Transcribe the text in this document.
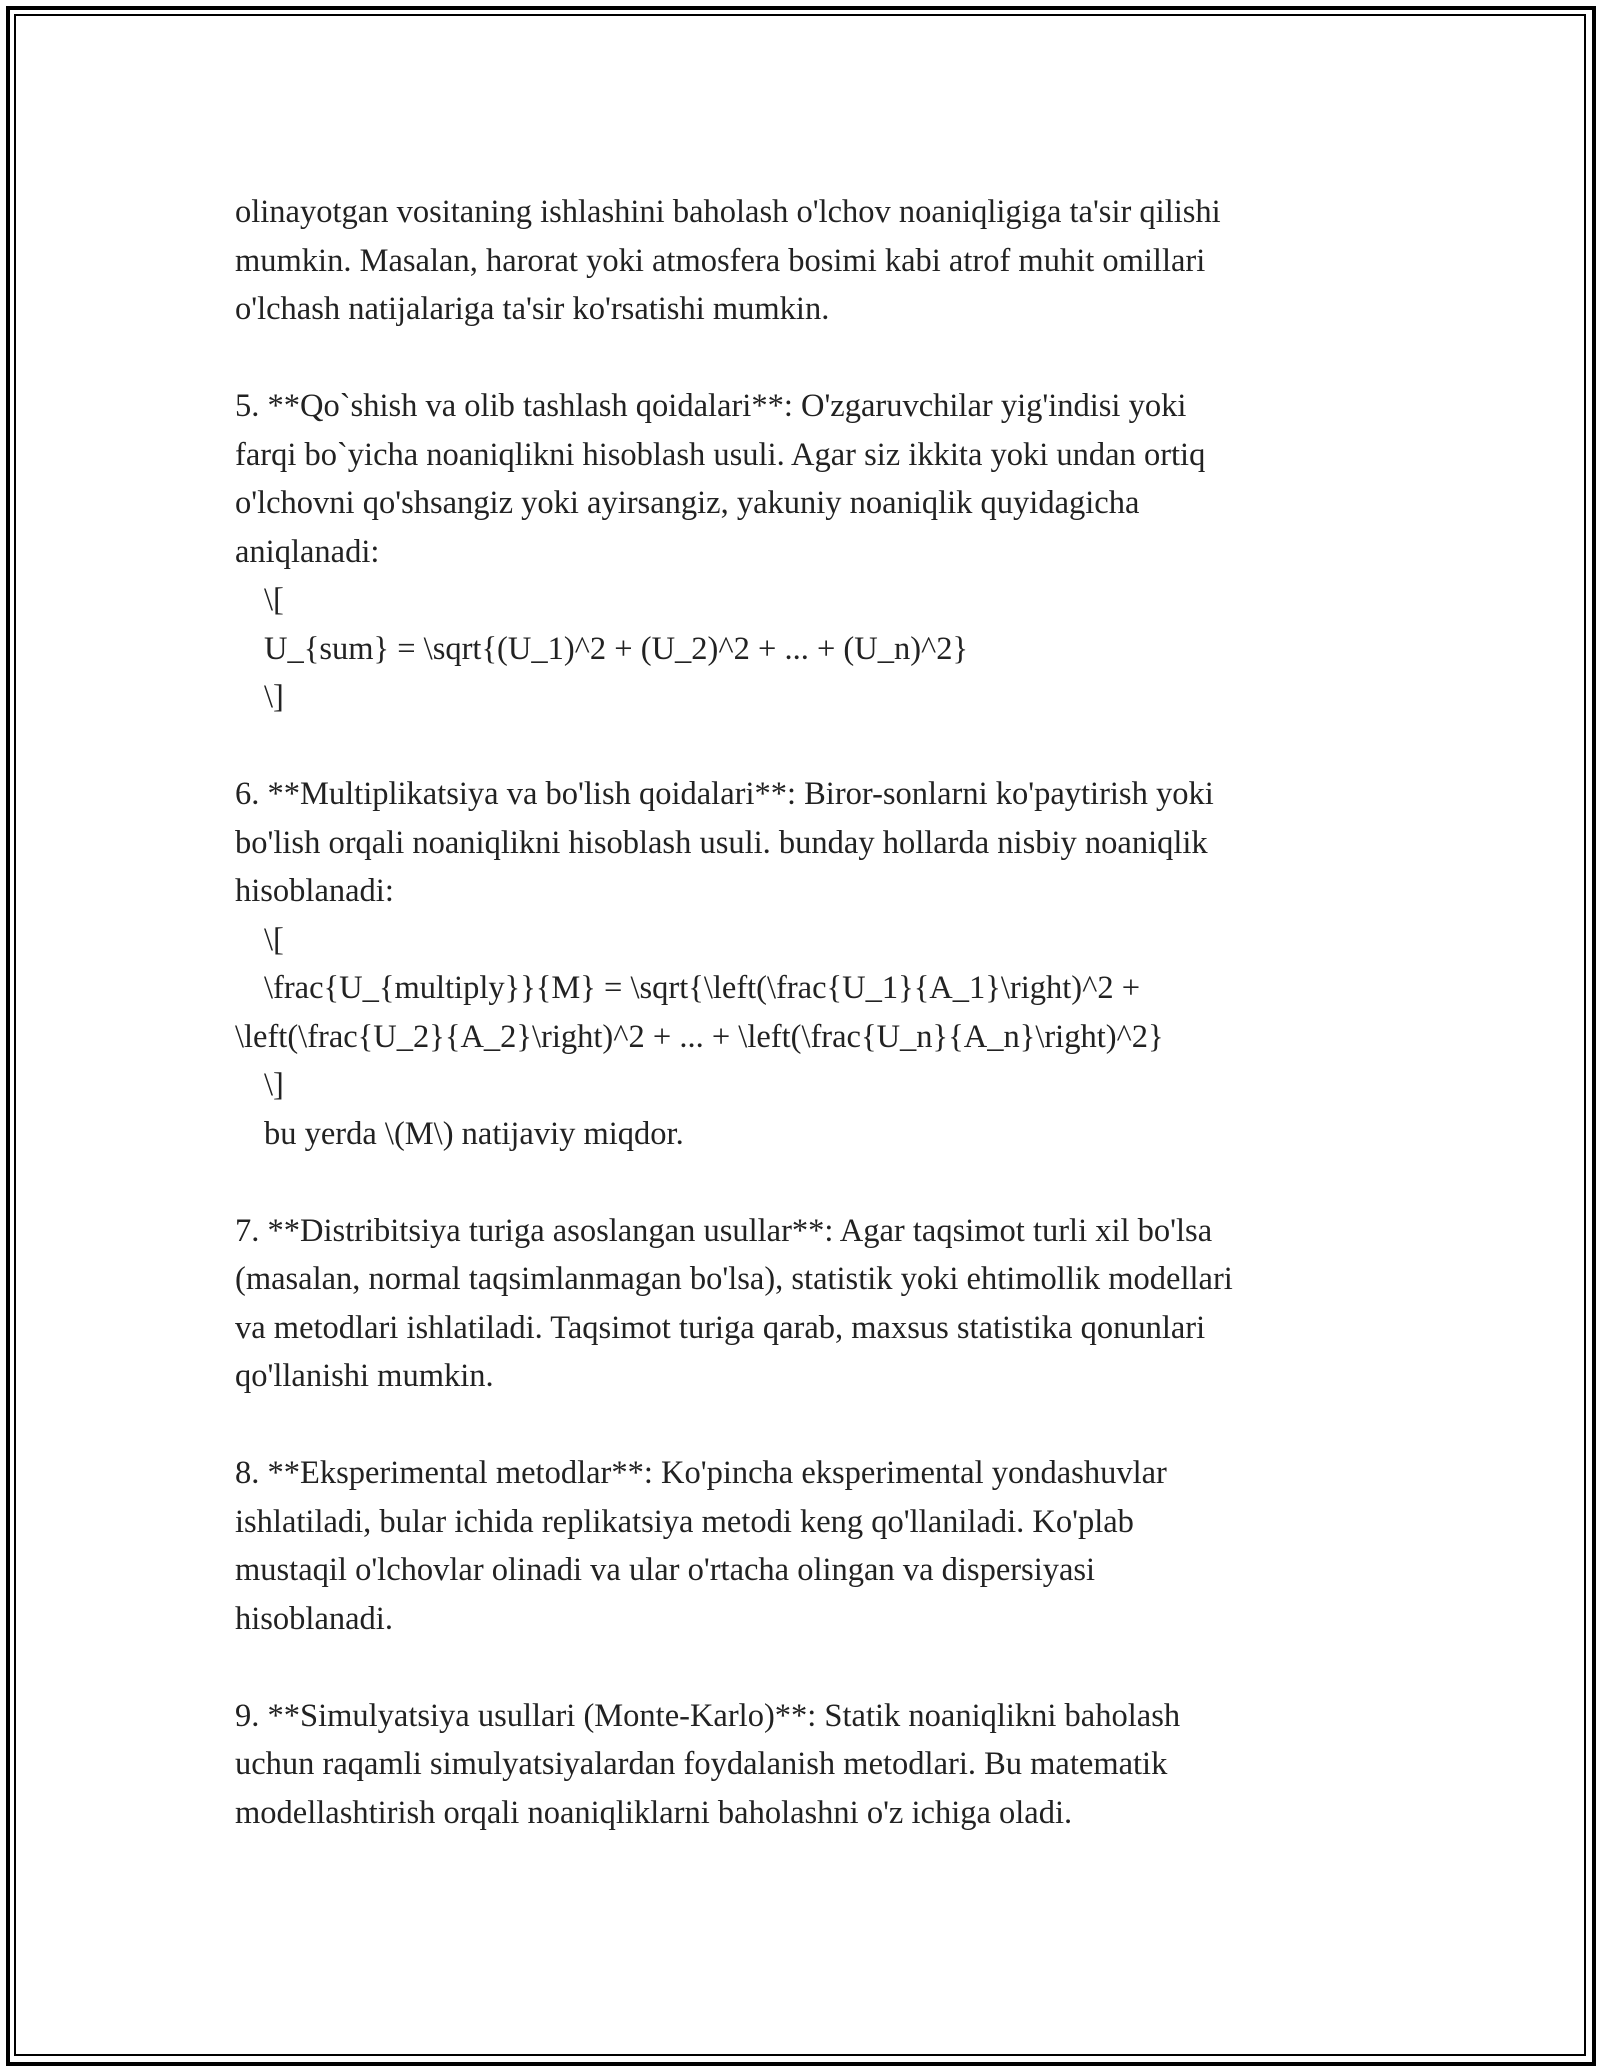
olinayotgan vositaning ishlashini baholash o'lchov noaniqligiga ta'sir qilishi

mumkin. Masalan, harorat yoki atmosfera bosimi kabi atrof muhit omillari

o'lchash natijalariga ta'sir ko'rsatishi mumkin.

5. **Qo`shish va olib tashlash qoidalari**: O'zgaruvchilar yig'indisi yoki

farqi bo`yicha noaniqlikni hisoblash usuli. Agar siz ikkita yoki undan ortiq

o'lchovni qo'shsangiz yoki ayirsangiz, yakuniy noaniqlik quyidagicha

aniqlanadi:

\[

U_{sum} = \sqrt{(U_1)^2 + (U_2)^2 + ... + (U_n)^2}

\]

6. **Multiplikatsiya va bo'lish qoidalari**: Biror-sonlarni ko'paytirish yoki

bo'lish orqali noaniqlikni hisoblash usuli. bunday hollarda nisbiy noaniqlik

hisoblanadi:

\[

\frac{U_{multiply}}{M} = \sqrt{\left(\frac{U_1}{A_1}\right)^2 +

\left(\frac{U_2}{A_2}\right)^2 + ... + \left(\frac{U_n}{A_n}\right)^2}

\]

bu yerda \(M\) natijaviy miqdor.

7. **Distribitsiya turiga asoslangan usullar**: Agar taqsimot turli xil bo'lsa

(masalan, normal taqsimlanmagan bo'lsa), statistik yoki ehtimollik modellari

va metodlari ishlatiladi. Taqsimot turiga qarab, maxsus statistika qonunlari

qo'llanishi mumkin.

8. **Eksperimental metodlar**: Ko'pincha eksperimental yondashuvlar

ishlatiladi, bular ichida replikatsiya metodi keng qo'llaniladi. Ko'plab

mustaqil o'lchovlar olinadi va ular o'rtacha olingan va dispersiyasi

hisoblanadi.

9. **Simulyatsiya usullari (Monte-Karlo)**: Statik noaniqlikni baholash

uchun raqamli simulyatsiyalardan foydalanish metodlari. Bu matematik

modellashtirish orqali noaniqliklarni baholashni o'z ichiga oladi.
